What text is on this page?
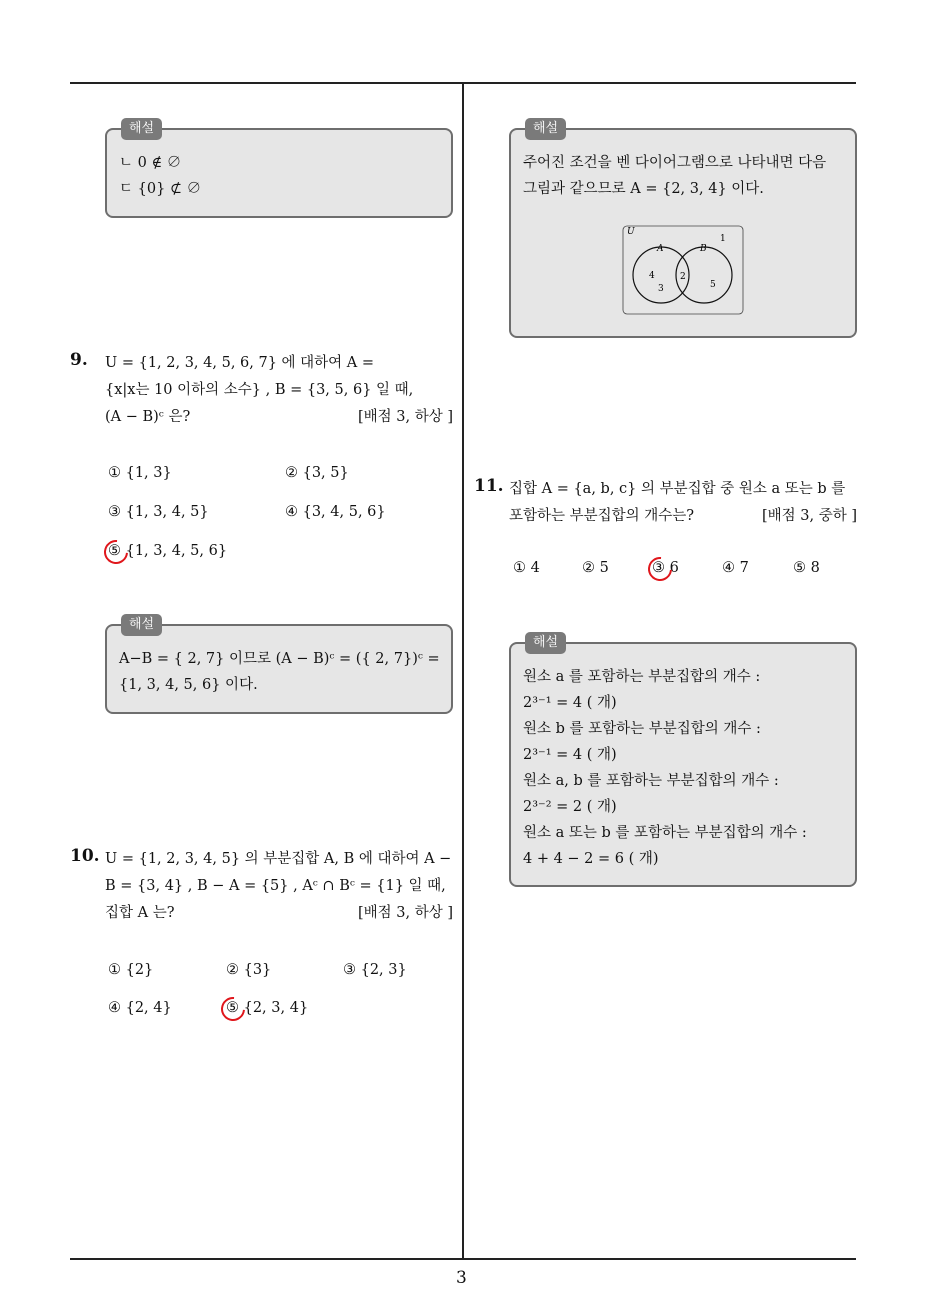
해설
ㄴ 0 ∉ ∅
ㄷ {0} ⊄ ∅
9. U = {1, 2, 3, 4, 5, 6, 7} 에 대하여 A =
{x|x는 10 이하의 소수} , B = {3, 5, 6} 일 때,
(A − B)ᶜ 은?	[배점 3, 하상 ]
① {1, 3}	② {3, 5}
③ {1, 3, 4, 5}	④ {3, 4, 5, 6}
⑤ {1, 3, 4, 5, 6}
해설
A−B = { 2, 7} 이므로 (A − B)ᶜ = ({ 2, 7})ᶜ =
{1, 3, 4, 5, 6} 이다.
10. U = {1, 2, 3, 4, 5} 의 부분집합 A, B 에 대하여 A −
B = {3, 4} , B − A = {5} , Aᶜ ∩ Bᶜ = {1} 일 때,
집합 A 는?	[배점 3, 하상 ]
① {2}	② {3}	③ {2, 3}
④ {2, 4}	⑤ {2, 3, 4}
해설
주어진 조건을 벤 다이어그램으로 나타내면 다음
그림과 같으므로 A = {2, 3, 4} 이다.
U
A	B
1
4
3
2
5
11. 집합 A = {a, b, c} 의 부분집합 중 원소 a 또는 b 를
포함하는 부분집합의 개수는?	[배점 3, 중하 ]
① 4	② 5	③ 6	④ 7	⑤ 8
해설
원소 a 를 포함하는 부분집합의 개수 :
2³⁻¹ = 4 ( 개)
원소 b 를 포함하는 부분집합의 개수 :
2³⁻¹ = 4 ( 개)
원소 a, b 를 포함하는 부분집합의 개수 :
2³⁻² = 2 ( 개)
원소 a 또는 b 를 포함하는 부분집합의 개수 :
4 + 4 − 2 = 6 ( 개)
3
